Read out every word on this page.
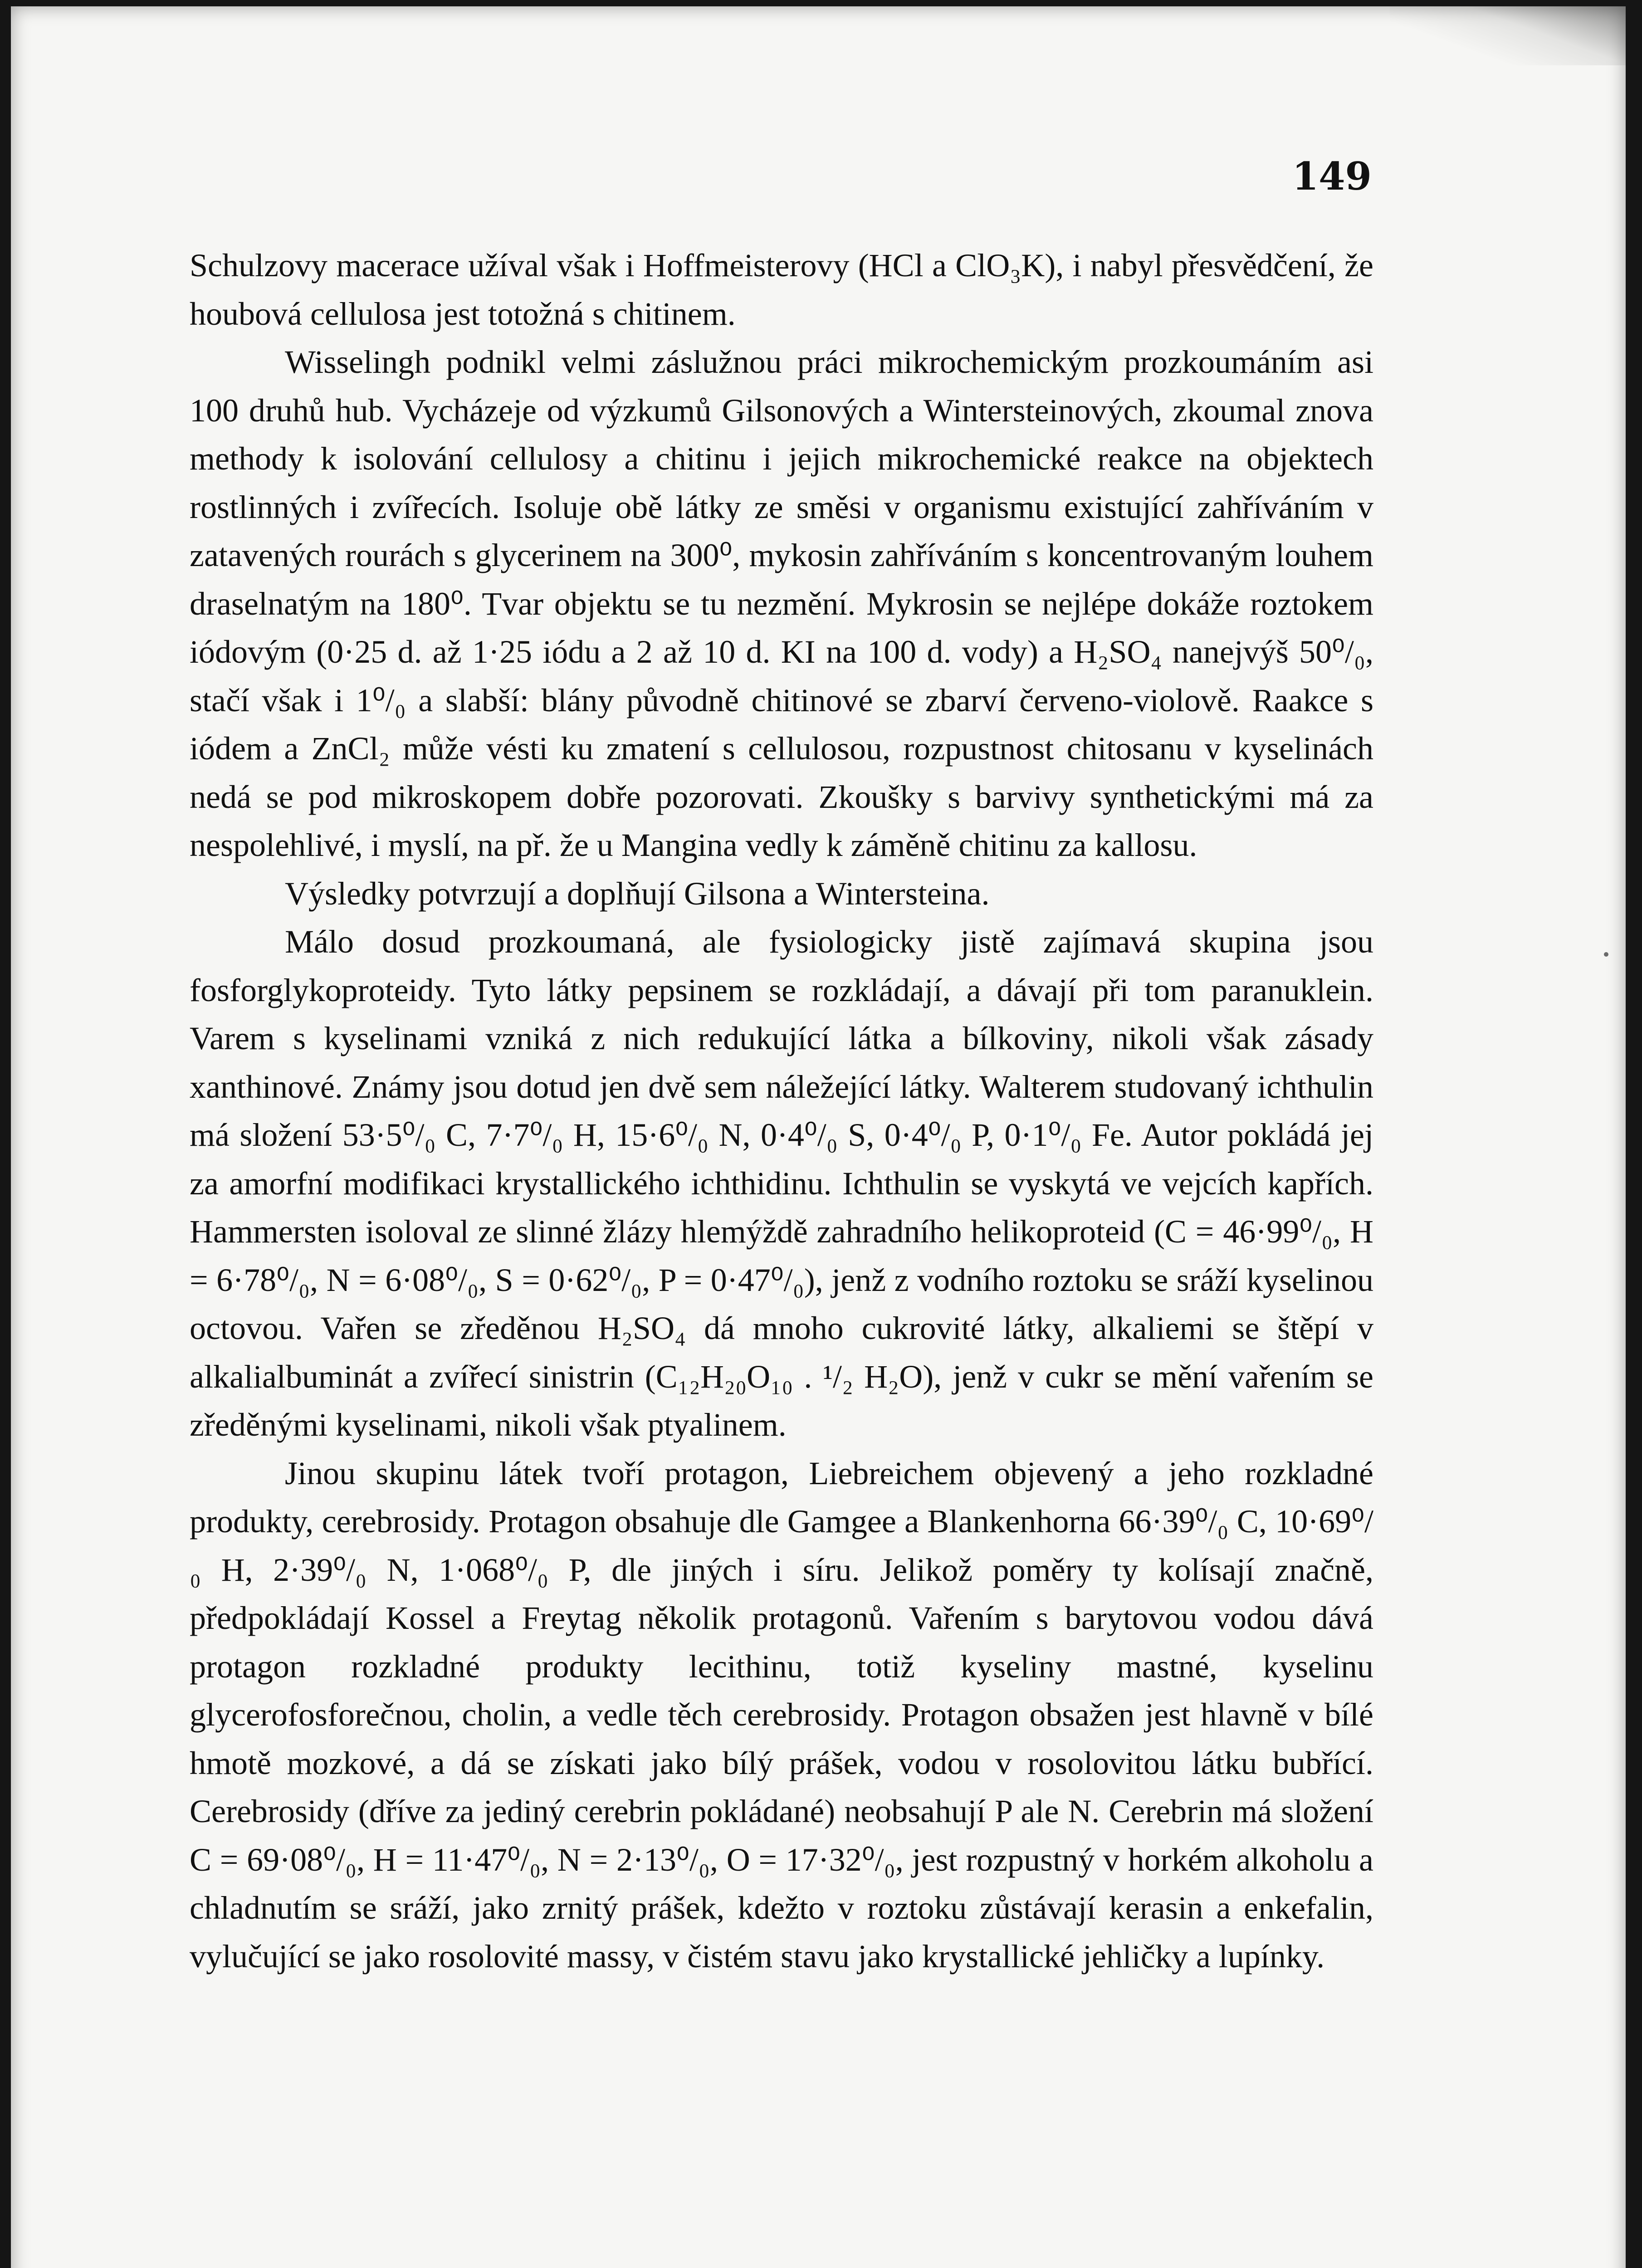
149

Schulzovy macerace užíval však i Hoffmeisterovy (HCl a ClO₃K), i nabyl přesvědčení, že houbová cellulosa jest totožná s chitinem.

Wisselingh podnikl velmi záslužnou práci mikrochemickým prozkoumáním asi 100 druhů hub. Vycházeje od výzkumů Gilsonových a Wintersteinových, zkoumal znova methody k isolování cellulosy a chitinu i jejich mikrochemické reakce na objektech rostlinných i zvířecích. Isoluje obě látky ze směsi v organismu existující zahříváním v zatavených rourách s glycerinem na 300⁰, mykosin zahříváním s koncentrovaným louhem draselnatým na 180⁰. Tvar objektu se tu nezmění. Mykrosin se nejlépe dokáže roztokem iódovým (0·25 d. až 1·25 iódu a 2 až 10 d. KI na 100 d. vody) a H₂SO₄ nanejvýš 50⁰/₀, stačí však i 1⁰/₀ a slabší: blány původně chitinové se zbarví červeno-violově. Raakce s iódem a ZnCl₂ může vésti ku zmatení s cellulosou, rozpustnost chitosanu v kyselinách nedá se pod mikroskopem dobře pozorovati. Zkoušky s barvivy synthetickými má za nespolehlivé, i myslí, na př. že u Mangina vedly k záměně chitinu za kallosu.

Výsledky potvrzují a doplňují Gilsona a Wintersteina.

Málo dosud prozkoumaná, ale fysiologicky jistě zajímavá skupina jsou fosforglykoproteidy. Tyto látky pepsinem se rozkládají, a dávají při tom paranuklein. Varem s kyselinami vzniká z nich redukující látka a bílkoviny, nikoli však zásady xanthinové. Známy jsou dotud jen dvě sem náležející látky. Walterem studovaný ichthulin má složení 53·5⁰/₀ C, 7·7⁰/₀ H, 15·6⁰/₀ N, 0·4⁰/₀ S, 0·4⁰/₀ P, 0·1⁰/₀ Fe. Autor pokládá jej za amorfní modifikaci krystallického ichthidinu. Ichthulin se vyskytá ve vejcích kapřích. Hammersten isoloval ze slinné žlázy hlemýždě zahradního helikoproteid (C = 46·99⁰/₀, H = 6·78⁰/₀, N = 6·08⁰/₀, S = 0·62⁰/₀, P = 0·47⁰/₀), jenž z vodního roztoku se sráží kyselinou octovou. Vařen se zředěnou H₂SO₄ dá mnoho cukrovité látky, alkaliemi se štěpí v alkalialbuminát a zvířecí sinistrin (C₁₂H₂₀O₁₀ . ¹/₂ H₂O), jenž v cukr se mění vařením se zředěnými kyselinami, nikoli však ptyalinem.

Jinou skupinu látek tvoří protagon, Liebreichem objevený a jeho rozkladné produkty, cerebrosidy. Protagon obsahuje dle Gamgee a Blankenhorna 66·39⁰/₀ C, 10·69⁰/₀ H, 2·39⁰/₀ N, 1·068⁰/₀ P, dle jiných i síru. Jelikož poměry ty kolísají značně, předpokládají Kossel a Freytag několik protagonů. Vařením s barytovou vodou dává protagon rozkladné produkty lecithinu, totiž kyseliny mastné, kyselinu glycerofosforečnou, cholin, a vedle těch cerebrosidy. Protagon obsažen jest hlavně v bílé hmotě mozkové, a dá se získati jako bílý prášek, vodou v rosolovitou látku bubřící. Cerebrosidy (dříve za jediný cerebrin pokládané) neobsahují P ale N. Cerebrin má složení C = 69·08⁰/₀, H = 11·47⁰/₀, N = 2·13⁰/₀, O = 17·32⁰/₀, jest rozpustný v horkém alkoholu a chladnutím se sráží, jako zrnitý prášek, kdežto v roztoku zůstávají kerasin a enkefalin, vylučující se jako rosolovité massy, v čistém stavu jako krystallické jehličky a lupínky.
